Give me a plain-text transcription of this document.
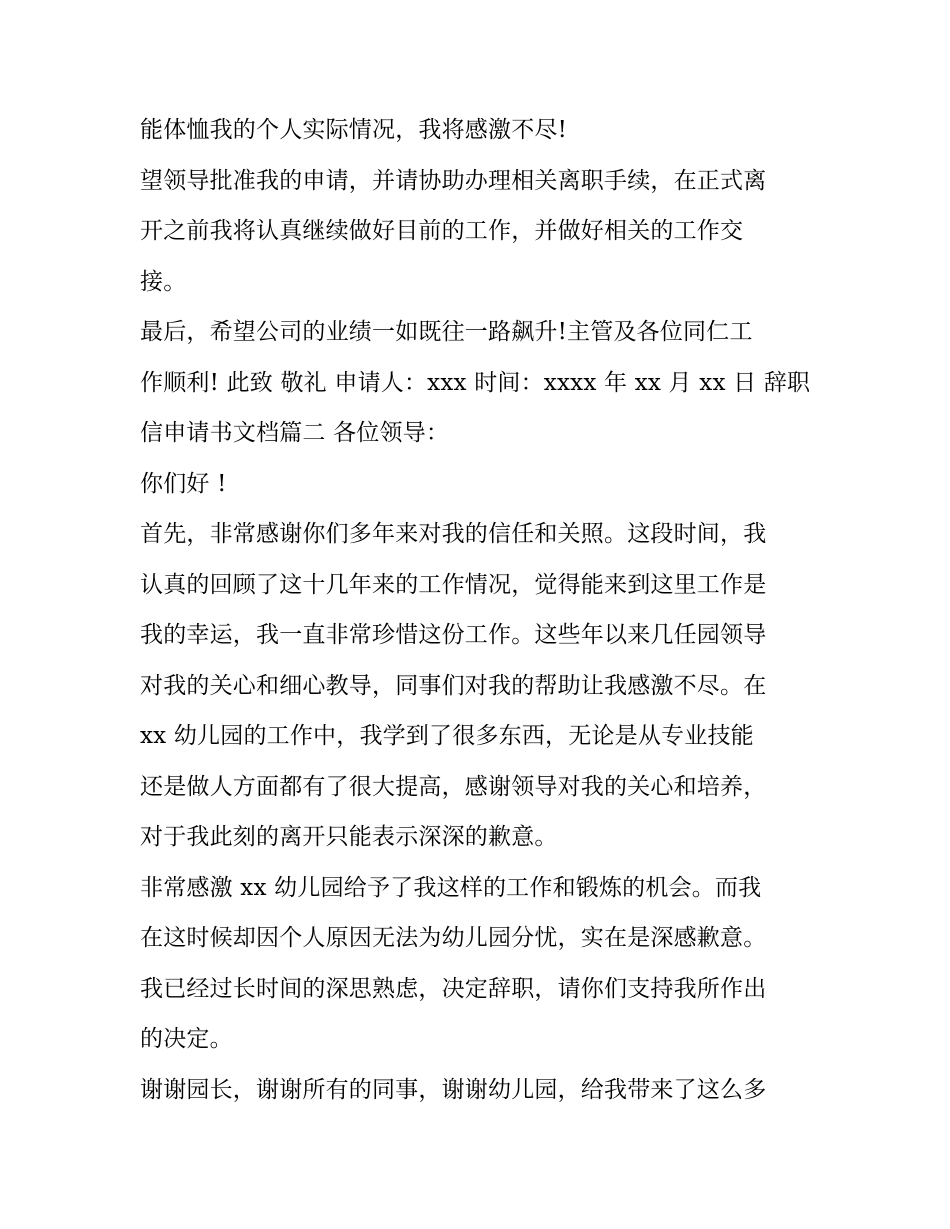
能体恤我的个人实际情况，我将感激不尽!
望领导批准我的申请，并请协助办理相关离职手续，在正式离
开之前我将认真继续做好目前的工作，并做好相关的工作交
接。
最后，希望公司的业绩一如既往一路飙升!主管及各位同仁工
作顺利! 此致 敬礼 申请人：xxx 时间：xxxx 年 xx 月 xx 日 辞职
信申请书文档篇二 各位领导：
你们好 !
首先，非常感谢你们多年来对我的信任和关照。这段时间，我
认真的回顾了这十几年来的工作情况，觉得能来到这里工作是
我的幸运，我一直非常珍惜这份工作。这些年以来几任园领导
对我的关心和细心教导，同事们对我的帮助让我感激不尽。在
xx 幼儿园的工作中，我学到了很多东西，无论是从专业技能
还是做人方面都有了很大提高，感谢领导对我的关心和培养，
对于我此刻的离开只能表示深深的歉意。
非常感激 xx 幼儿园给予了我这样的工作和锻炼的机会。而我
在这时候却因个人原因无法为幼儿园分忧，实在是深感歉意。
我已经过长时间的深思熟虑，决定辞职，请你们支持我所作出
的决定。
谢谢园长，谢谢所有的同事，谢谢幼儿园，给我带来了这么多
